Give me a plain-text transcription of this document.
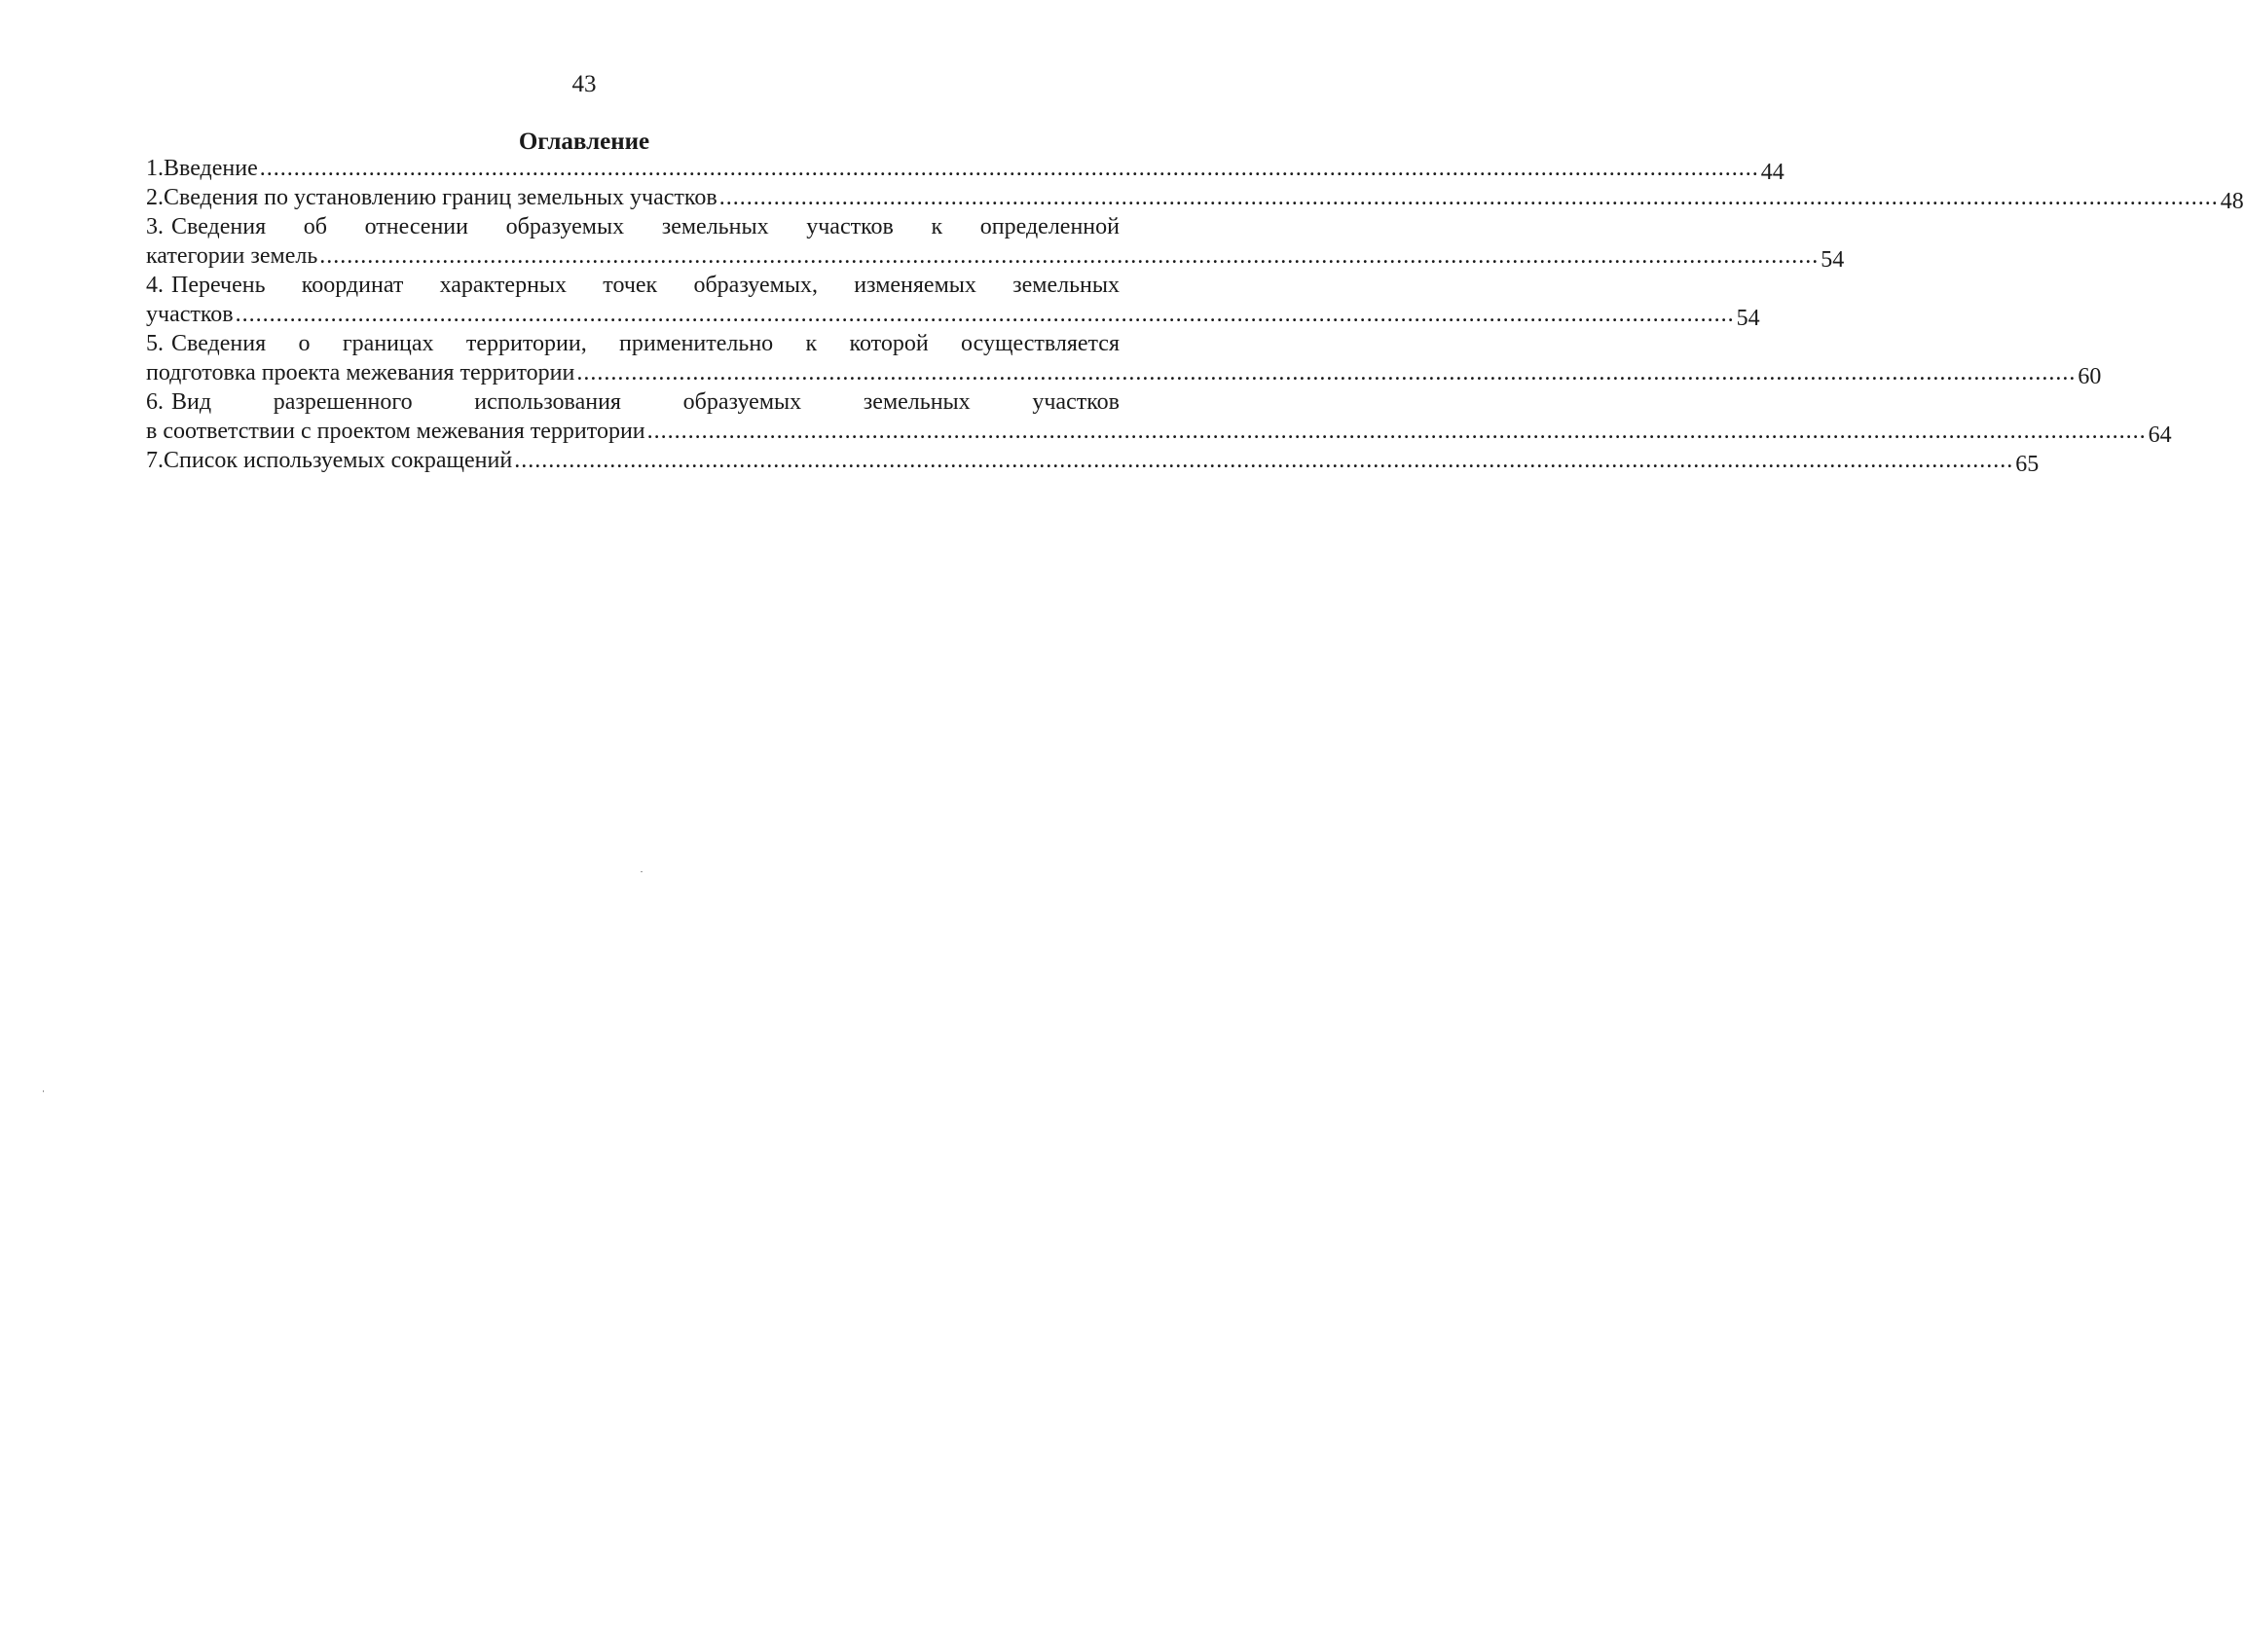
43
Оглавление
1. Введение ............................................................................................................................................................................................................................ 44
2. Сведения по установлению границ земельных участков ............................................................................................................................................................................................................................ 48
3. Сведения об отнесении образуемых земельных участков к определенной
категории земель ............................................................................................................................................................................................................................ 54
4. Перечень координат характерных точек образуемых, изменяемых земельных
участков ............................................................................................................................................................................................................................ 54
5. Сведения о границах территории, применительно к которой осуществляется
подготовка проекта межевания территории ............................................................................................................................................................................................................................ 60
6. Вид разрешенного использования образуемых земельных участков
в соответствии с проектом межевания территории ............................................................................................................................................................................................................................ 64
7. Список используемых сокращений ............................................................................................................................................................................................................................ 65
